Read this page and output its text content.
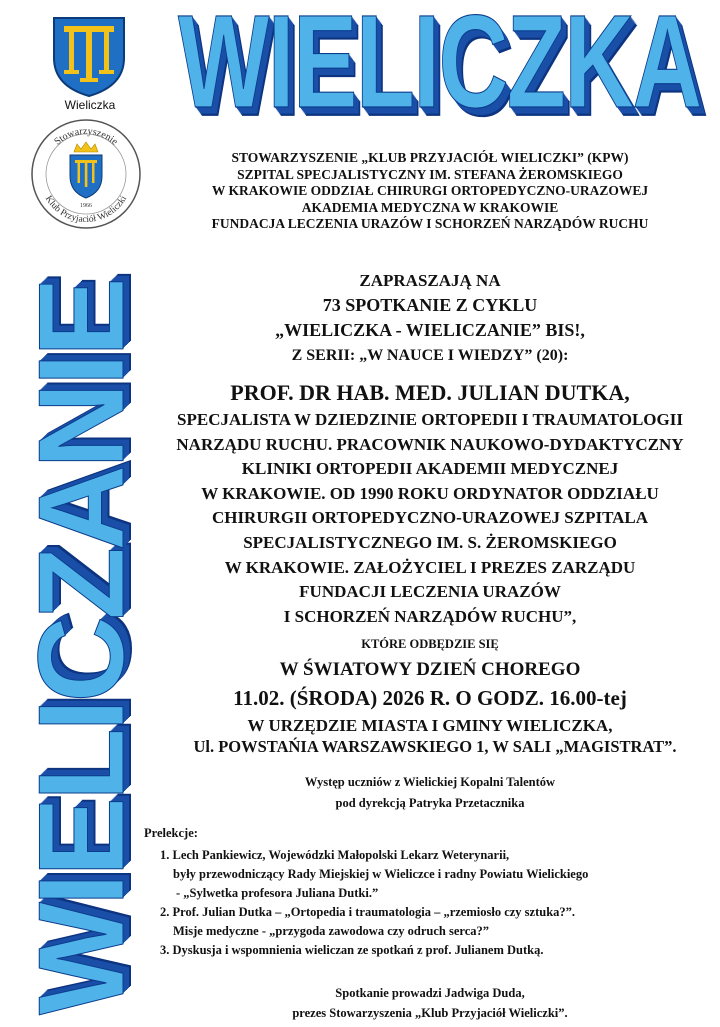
WIELICZKA
WIELICZANIE
Wieliczka
Stowarzyszenie
Klub Przyjaciół Wieliczki
1966
STOWARZYSZENIE „KLUB PRZYJACIÓŁ WIELICZKI” (KPW)
SZPITAL SPECJALISTYCZNY IM. STEFANA ŻEROMSKIEGO
W KRAKOWIE ODDZIAŁ CHIRURGI ORTOPEDYCZNO-URAZOWEJ
AKADEMIA MEDYCZNA W KRAKOWIE
FUNDACJA LECZENIA URAZÓW I SCHORZEŃ NARZĄDÓW RUCHU
ZAPRASZAJĄ NA
73 SPOTKANIE Z CYKLU
„WIELICZKA - WIELICZANIE” BIS!,
Z SERII: „W NAUCE I WIEDZY” (20):
PROF. DR HAB. MED. JULIAN DUTKA,
SPECJALISTA W DZIEDZINIE ORTOPEDII I TRAUMATOLOGII
NARZĄDU RUCHU. PRACOWNIK NAUKOWO-DYDAKTYCZNY
KLINIKI ORTOPEDII AKADEMII MEDYCZNEJ
W KRAKOWIE. OD 1990 ROKU ORDYNATOR ODDZIAŁU
CHIRURGII ORTOPEDYCZNO-URAZOWEJ SZPITALA
SPECJALISTYCZNEGO IM. S. ŻEROMSKIEGO
W KRAKOWIE. ZAŁOŻYCIEL I PREZES ZARZĄDU
FUNDACJI LECZENIA URAZÓW
I SCHORZEŃ NARZĄDÓW RUCHU”,
KTÓRE ODBĘDZIE SIĘ
W ŚWIATOWY DZIEŃ CHOREGO
11.02. (ŚRODA) 2026 R. O GODZ. 16.00-tej
W URZĘDZIE MIASTA I GMINY WIELICZKA,
Ul. POWSTAŃIA WARSZAWSKIEGO 1, W SALI „MAGISTRAT”.
Występ uczniów z Wielickiej Kopalni Talentów
pod dyrekcją Patryka Przetacznika
Prelekcje:
1. Lech Pankiewicz, Wojewódzki Małopolski Lekarz Weterynarii,
były przewodniczący Rady Miejskiej w Wieliczce i radny Powiatu Wielickiego
- „Sylwetka profesora Juliana Dutki.”
2. Prof. Julian Dutka – „Ortopedia i traumatologia – „rzemiosło czy sztuka?”.
Misje medyczne - „przygoda zawodowa czy odruch serca?”
3. Dyskusja i wspomnienia wieliczan ze spotkań z prof. Julianem Dutką.
Spotkanie prowadzi Jadwiga Duda,
prezes Stowarzyszenia „Klub Przyjaciół Wieliczki”.
